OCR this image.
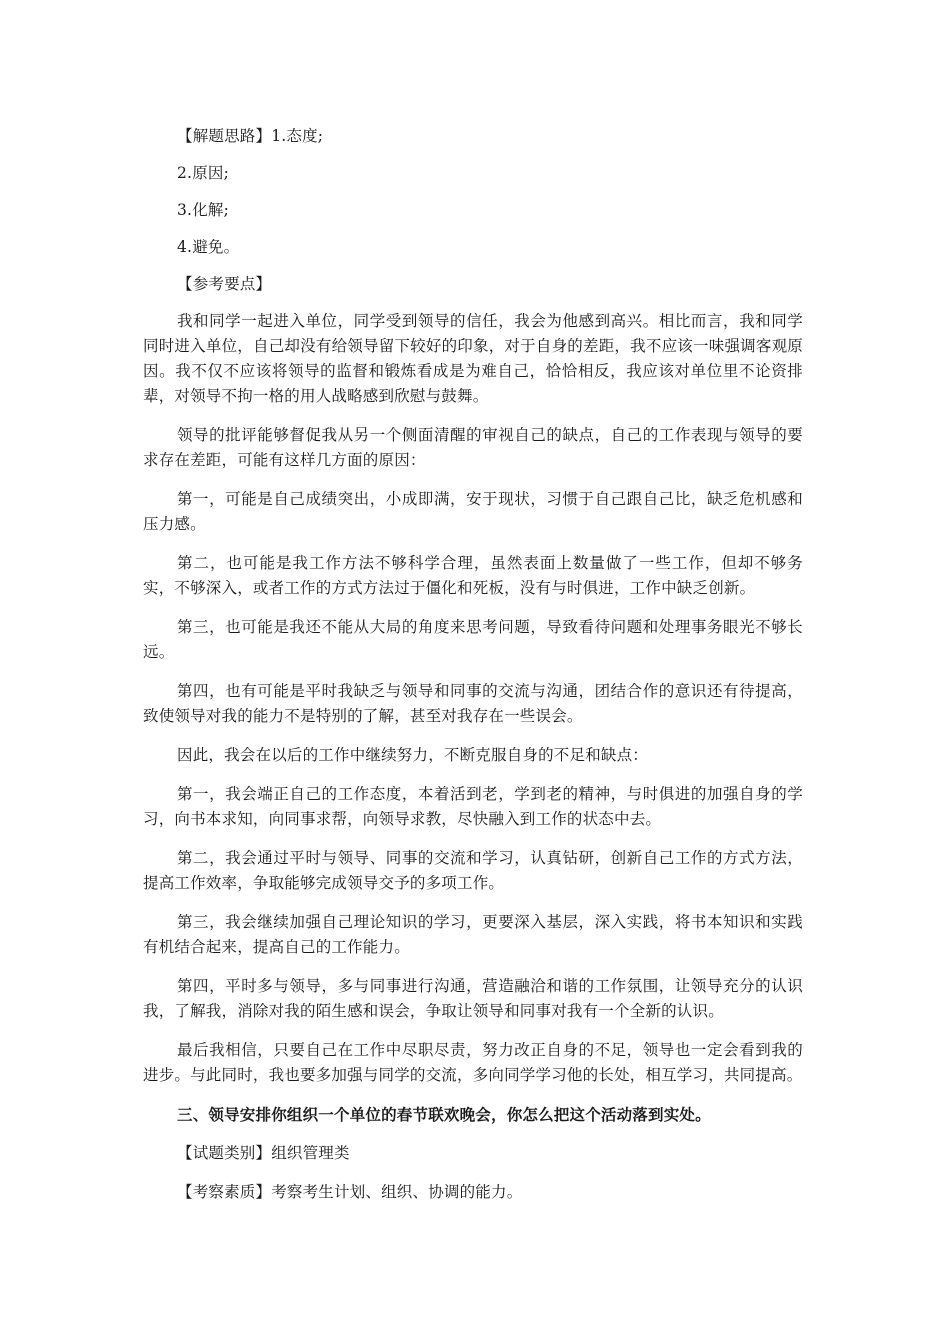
【解题思路】1.态度;

2.原因;

3.化解;

4.避免。

【参考要点】

我和同学一起进入单位，同学受到领导的信任，我会为他感到高兴。相比而言，我和同学同时进入单位，自己却没有给领导留下较好的印象，对于自身的差距，我不应该一味强调客观原因。我不仅不应该将领导的监督和锻炼看成是为难自己，恰恰相反，我应该对单位里不论资排辈，对领导不拘一格的用人战略感到欣慰与鼓舞。

领导的批评能够督促我从另一个侧面清醒的审视自己的缺点，自己的工作表现与领导的要求存在差距，可能有这样几方面的原因：

第一，可能是自己成绩突出，小成即满，安于现状，习惯于自己跟自己比，缺乏危机感和压力感。

第二，也可能是我工作方法不够科学合理，虽然表面上数量做了一些工作，但却不够务实，不够深入，或者工作的方式方法过于僵化和死板，没有与时俱进，工作中缺乏创新。

第三，也可能是我还不能从大局的角度来思考问题，导致看待问题和处理事务眼光不够长远。

第四，也有可能是平时我缺乏与领导和同事的交流与沟通，团结合作的意识还有待提高，致使领导对我的能力不是特别的了解，甚至对我存在一些误会。

因此，我会在以后的工作中继续努力，不断克服自身的不足和缺点：

第一，我会端正自己的工作态度，本着活到老，学到老的精神，与时俱进的加强自身的学习，向书本求知，向同事求帮，向领导求教，尽快融入到工作的状态中去。

第二，我会通过平时与领导、同事的交流和学习，认真钻研，创新自己工作的方式方法，提高工作效率，争取能够完成领导交予的多项工作。

第三，我会继续加强自己理论知识的学习，更要深入基层，深入实践，将书本知识和实践有机结合起来，提高自己的工作能力。

第四，平时多与领导，多与同事进行沟通，营造融洽和谐的工作氛围，让领导充分的认识我，了解我，消除对我的陌生感和误会，争取让领导和同事对我有一个全新的认识。

最后我相信，只要自己在工作中尽职尽责，努力改正自身的不足，领导也一定会看到我的进步。与此同时，我也要多加强与同学的交流，多向同学学习他的长处，相互学习，共同提高。

三、领导安排你组织一个单位的春节联欢晚会，你怎么把这个活动落到实处。

【试题类别】组织管理类

【考察素质】考察考生计划、组织、协调的能力。
